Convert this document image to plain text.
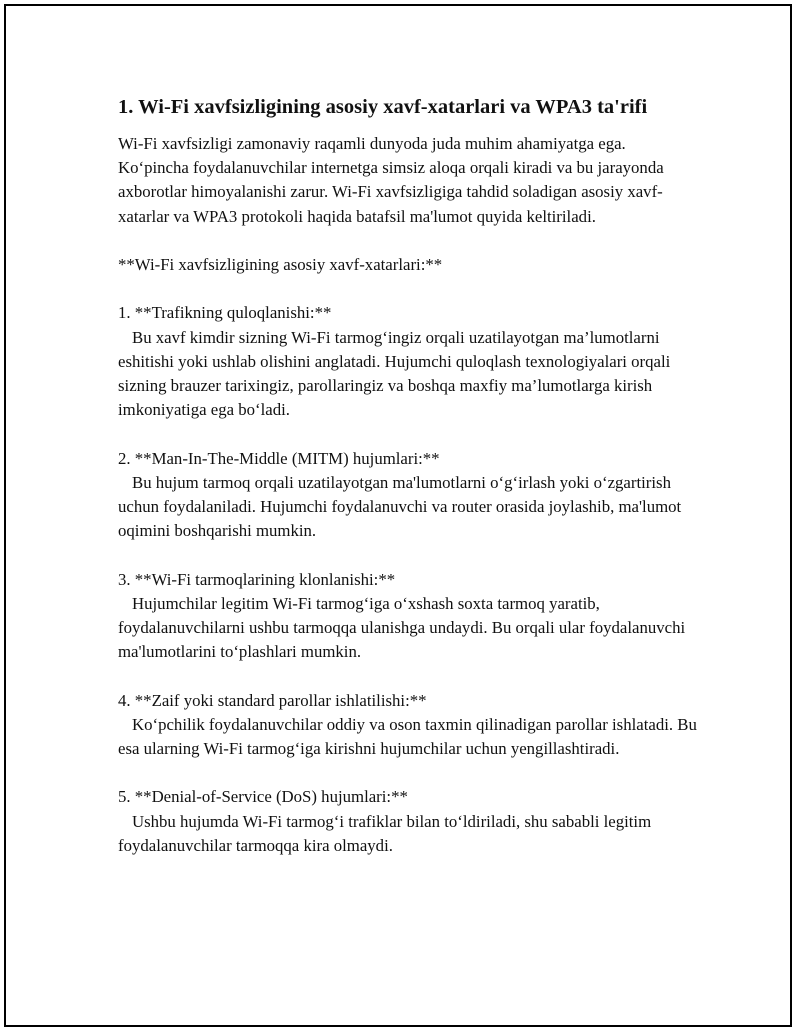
1. Wi-Fi xavfsizligining asosiy xavf-xatarlari va WPA3 ta'rifi

Wi-Fi xavfsizligi zamonaviy raqamli dunyoda juda muhim ahamiyatga ega. Ko‘pincha foydalanuvchilar internetga simsiz aloqa orqali kiradi va bu jarayonda axborotlar himoyalanishi zarur. Wi-Fi xavfsizligiga tahdid soladigan asosiy xavf-xatarlar va WPA3 protokoli haqida batafsil ma'lumot quyida keltiriladi.

**Wi-Fi xavfsizligining asosiy xavf-xatarlari:**

1. **Trafikning quloqlanishi:**

Bu xavf kimdir sizning Wi-Fi tarmog‘ingiz orqali uzatilayotgan ma’lumotlarni eshitishi yoki ushlab olishini anglatadi. Hujumchi quloqlash texnologiyalari orqali sizning brauzer tarixingiz, parollaringiz va boshqa maxfiy ma’lumotlarga kirish imkoniyatiga ega bo‘ladi.

2. **Man-In-The-Middle (MITM) hujumlari:**

Bu hujum tarmoq orqali uzatilayotgan ma'lumotlarni o‘g‘irlash yoki o‘zgartirish uchun foydalaniladi. Hujumchi foydalanuvchi va router orasida joylashib, ma'lumot oqimini boshqarishi mumkin.

3. **Wi-Fi tarmoqlarining klonlanishi:**

Hujumchilar legitim Wi-Fi tarmog‘iga o‘xshash soxta tarmoq yaratib, foydalanuvchilarni ushbu tarmoqqa ulanishga undaydi. Bu orqali ular foydalanuvchi ma'lumotlarini to‘plashlari mumkin.

4. **Zaif yoki standard parollar ishlatilishi:**

Ko‘pchilik foydalanuvchilar oddiy va oson taxmin qilinadigan parollar ishlatadi. Bu esa ularning Wi-Fi tarmog‘iga kirishni hujumchilar uchun yengillashtiradi.

5. **Denial-of-Service (DoS) hujumlari:**

Ushbu hujumda Wi-Fi tarmog‘i trafiklar bilan to‘ldiriladi, shu sababli legitim foydalanuvchilar tarmoqqa kira olmaydi.
